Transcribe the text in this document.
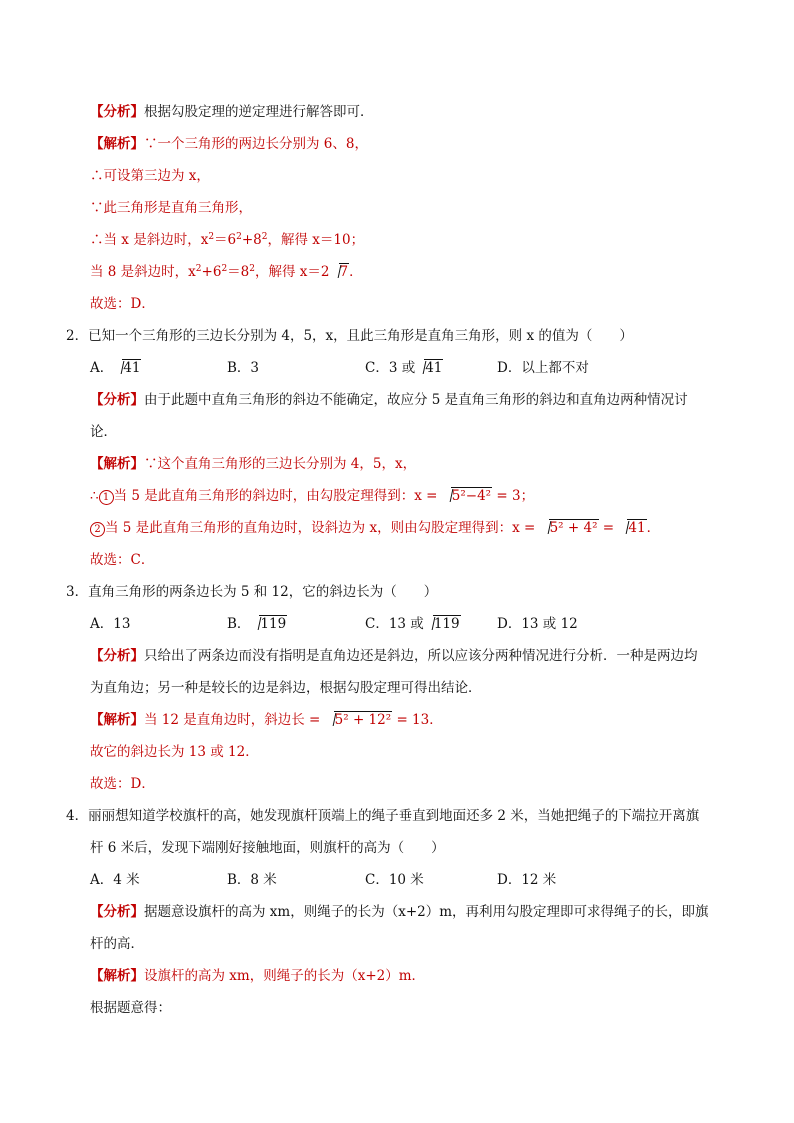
【分析】根据勾股定理的逆定理进行解答即可．
【解析】∵一个三角形的两边长分别为 6、8，
∴可设第三边为 x，
∵此三角形是直角三角形，
∴当 x 是斜边时，$x^2=6^2+8^2$，解得 x＝10；
当 8 是斜边时，$x^2+6^2=8^2$，解得 x＝2 7．
故选：D．
2．已知一个三角形的三边长分别为 4，5，x，且此三角形是直角三角形，则 x 的值为（　　）
A． 41	B．3	C．3 或 41	D．以上都不对
【分析】由于此题中直角三角形的斜边不能确定，故应分 5 是直角三角形的斜边和直角边两种情况讨
论．
【解析】∵这个直角三角形的三边长分别为 4，5，x，
∴ 1 当 5 是此直角三角形的斜边时，由勾股定理得到：x = 5²−4² = 3；
2 当 5 是此直角三角形的直角边时，设斜边为 x，则由勾股定理得到：x = 5² + 4² = 41．
故选：C．
3．直角三角形的两条边长为 5 和 12，它的斜边长为（　　）
A．13	B． 119	C．13 或 119	D．13 或 12
【分析】只给出了两条边而没有指明是直角边还是斜边，所以应该分两种情况进行分析．一种是两边均
为直角边；另一种是较长的边是斜边，根据勾股定理可得出结论．
【解析】当 12 是直角边时，斜边长 = 5² + 12² = 13．
故它的斜边长为 13 或 12．
故选：D．
4．丽丽想知道学校旗杆的高，她发现旗杆顶端上的绳子垂直到地面还多 2 米，当她把绳子的下端拉开离旗
杆 6 米后，发现下端刚好接触地面，则旗杆的高为（　　）
A．4 米	B．8 米	C．10 米	D．12 米
【分析】据题意设旗杆的高为 xm，则绳子的长为（x+2）m，再利用勾股定理即可求得绳子的长，即旗
杆的高．
【解析】设旗杆的高为 xm，则绳子的长为（x+2）m．
根据题意得：
